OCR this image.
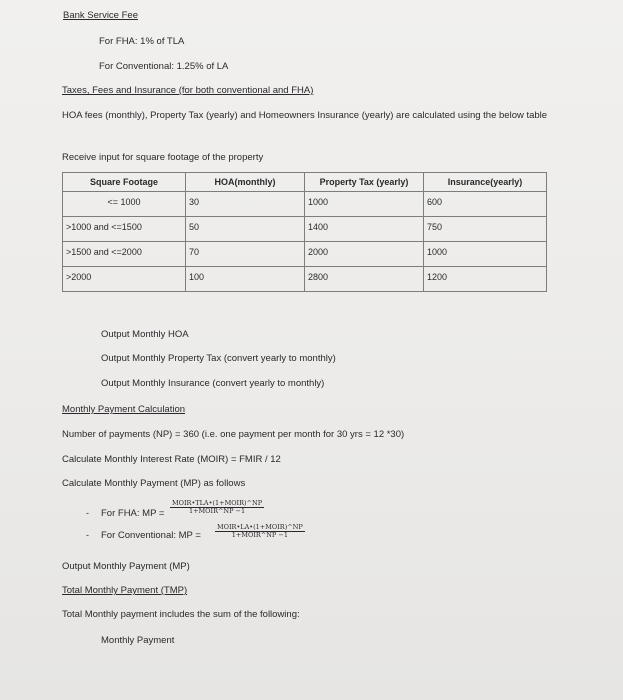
Bank Service Fee
For FHA: 1% of TLA
For Conventional: 1.25% of LA
Taxes, Fees and Insurance (for both conventional and FHA)
HOA fees (monthly), Property Tax (yearly) and Homeowners Insurance (yearly) are calculated using the below table
Receive input for square footage of the property
Square Footage	HOA(monthly)	Property Tax (yearly)	Insurance(yearly)
<= 1000	30	1000	600
>1000 and <=1500	50	1400	750
>1500 and <=2000	70	2000	1000
>2000	100	2800	1200
Output Monthly HOA
Output Monthly Property Tax (convert yearly to monthly)
Output Monthly Insurance (convert yearly to monthly)
Monthly Payment Calculation
Number of payments (NP) = 360 (i.e. one payment per month for 30 yrs = 12 *30)
Calculate Monthly Interest Rate (MOIR) = FMIR / 12
Calculate Monthly Payment (MP) as follows
- For FHA: MP =
MOIR•TLA•(1+MOIR)^NP
1+MOIR^NP −1
- For Conventional: MP =
MOIR•LA•(1+MOIR)^NP
1+MOIR^NP −1
Output Monthly Payment (MP)
Total Monthly Payment (TMP)
Total Monthly payment includes the sum of the following:
Monthly Payment
